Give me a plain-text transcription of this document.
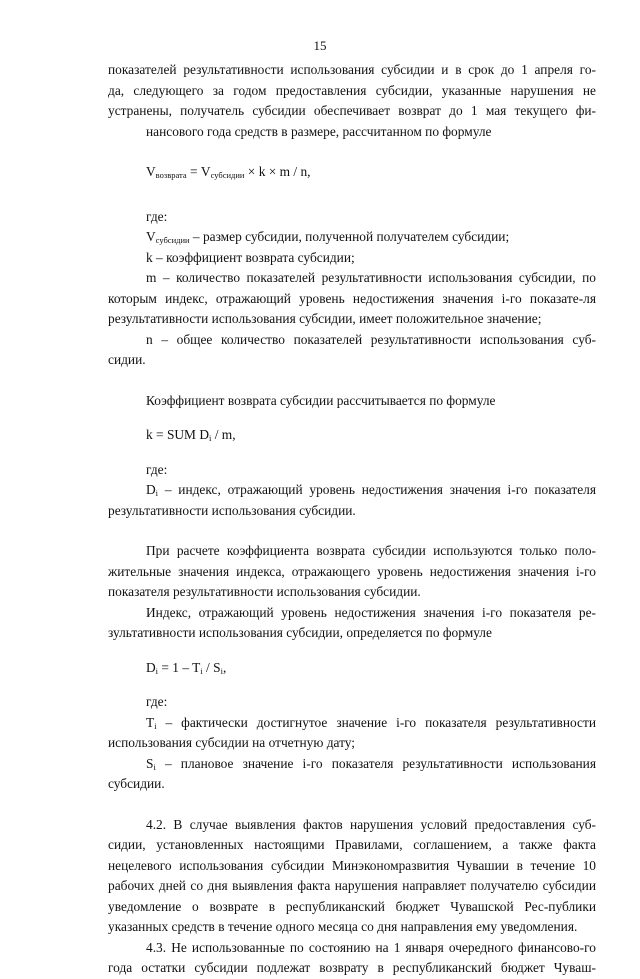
15

показателей результативности использования субсидии и в срок до 1 апреля го-

да, следующего за годом предоставления субсидии, указанные нарушения не

устранены, получатель субсидии обеспечивает возврат до 1 мая текущего фи-

нансового года средств в размере, рассчитанном по формуле

$V_{возврата} = V_{субсидии} \times k \times m / n$,

где:

$V_{субсидии}$ – размер субсидии, полученной получателем субсидии;

k – коэффициент возврата субсидии;

m – количество показателей результативности использования субсидии, по которым индекс, отражающий уровень недостижения значения i-го показате-ля результативности использования субсидии, имеет положительное значение;

n – общее количество показателей результативности использования суб-сидии.

Коэффициент возврата субсидии рассчитывается по формуле

k = SUM $D_i$ / m,

где:

$D_i$ – индекс, отражающий уровень недостижения значения i-го показателя результативности использования субсидии.

При расчете коэффициента возврата субсидии используются только поло-жительные значения индекса, отражающего уровень недостижения значения i-го показателя результативности использования субсидии.

Индекс, отражающий уровень недостижения значения i-го показателя ре-зультативности использования субсидии, определяется по формуле

$D_i = 1 - T_i / S_i$,

где:

$T_i$ – фактически достигнутое значение i-го показателя результативности использования субсидии на отчетную дату;

$S_i$ – плановое значение i-го показателя результативности использования субсидии.

4.2. В случае выявления фактов нарушения условий предоставления суб-сидии, установленных настоящими Правилами, соглашением, а также факта нецелевого использования субсидии Минэкономразвития Чувашии в течение 10 рабочих дней со дня выявления факта нарушения направляет получателю субсидии уведомление о возврате в республиканский бюджет Чувашской Рес-публики указанных средств в течение одного месяца со дня направления ему уведомления.

4.3. Не использованные по состоянию на 1 января очередного финансово-го года остатки субсидии подлежат возврату в республиканский бюджет Чуваш-
